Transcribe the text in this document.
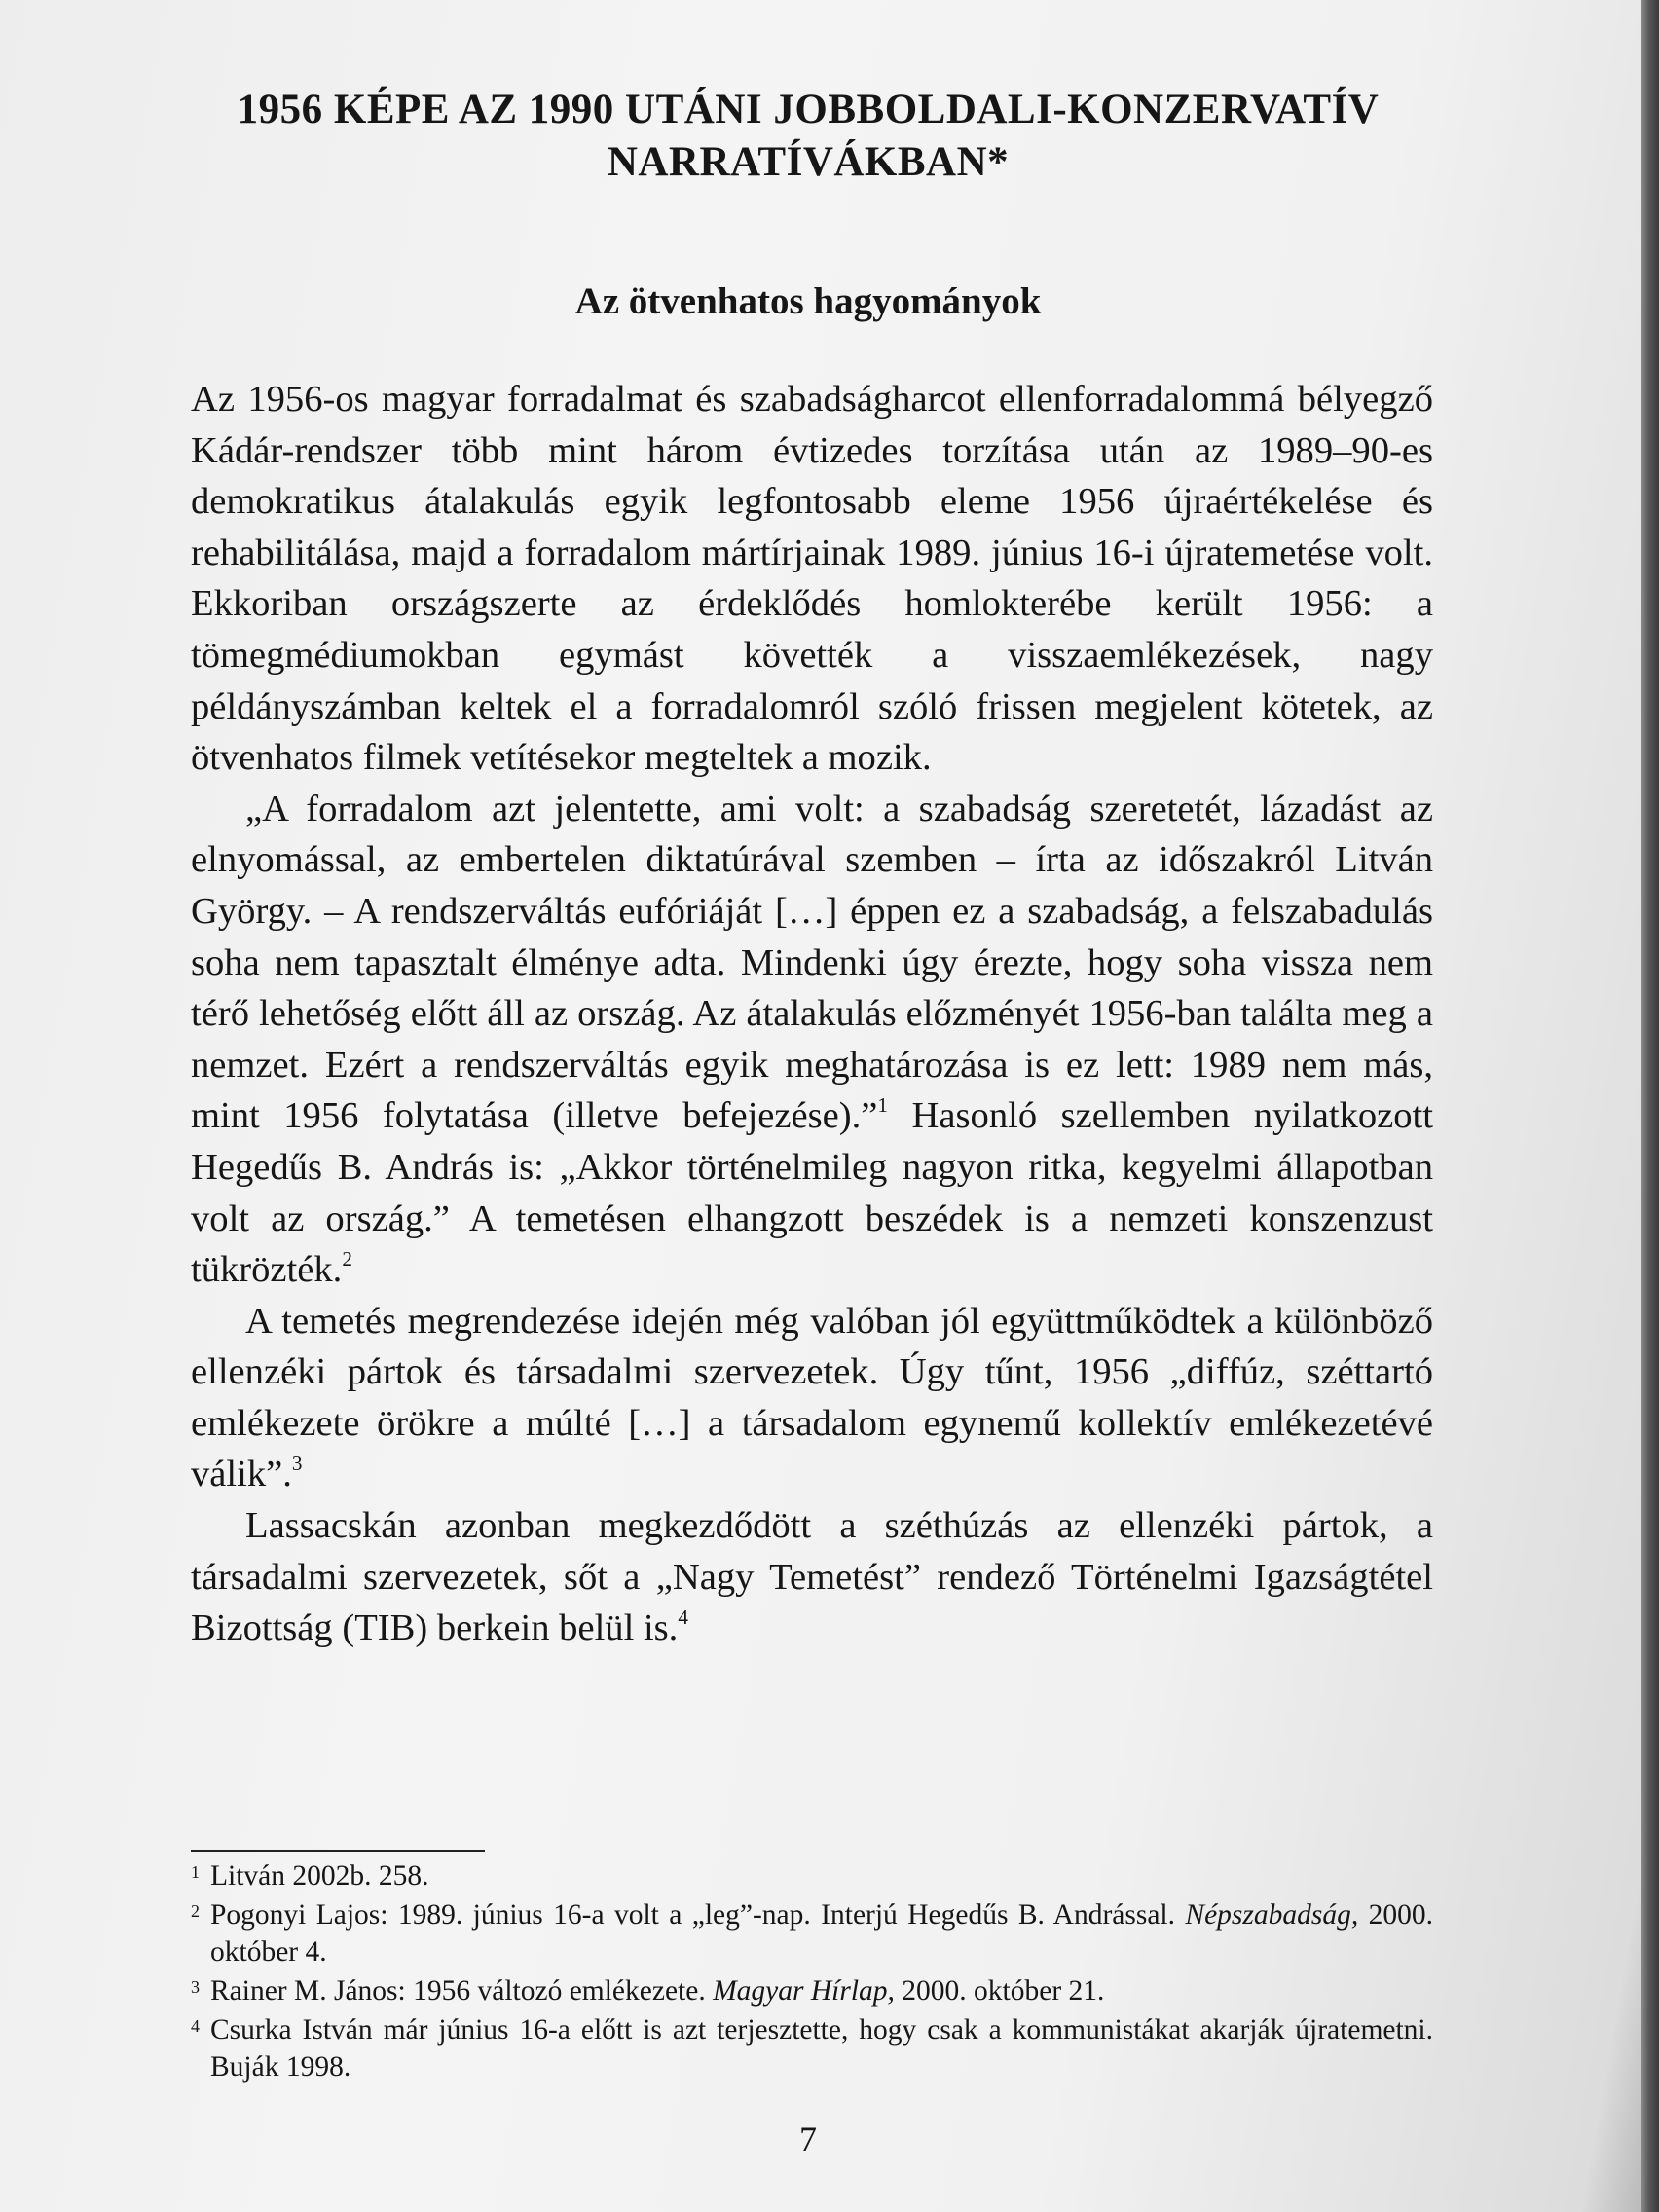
1956 KÉPE AZ 1990 UTÁNI JOBBOLDALI-KONZERVATÍV
NARRATÍVÁKBAN*
Az ötvenhatos hagyományok

Az 1956-os magyar forradalmat és szabadságharcot ellenforradalommá bélyegző Kádár-rendszer több mint három évtizedes torzítása után az 1989–90-es demokratikus átalakulás egyik legfontosabb eleme 1956 újraértékelése és rehabilitálása, majd a forradalom mártírjainak 1989. június 16-i újratemetése volt. Ekkoriban országszerte az érdeklődés homlokterébe került 1956: a tömegmédiumokban egymást követték a visszaemlékezések, nagy példányszámban keltek el a forradalomról szóló frissen megjelent kötetek, az ötvenhatos filmek vetítésekor megteltek a mozik.

„A forradalom azt jelentette, ami volt: a szabadság szeretetét, lázadást az elnyomással, az embertelen diktatúrával szemben – írta az időszakról Litván György. – A rendszerváltás eufóriáját […] éppen ez a szabadság, a felszabadulás soha nem tapasztalt élménye adta. Mindenki úgy érezte, hogy soha vissza nem térő lehetőség előtt áll az ország. Az átalakulás előzményét 1956-ban találta meg a nemzet. Ezért a rendszerváltás egyik meghatározása is ez lett: 1989 nem más, mint 1956 folytatása (illetve befejezése).”$^1$ Hasonló szellemben nyilatkozott Hegedűs B. András is: „Akkor történelmileg nagyon ritka, kegyelmi állapotban volt az ország.” A temetésen elhangzott beszédek is a nemzeti konszenzust tükrözték.$^2$

A temetés megrendezése idején még valóban jól együttműködtek a különböző ellenzéki pártok és társadalmi szervezetek. Úgy tűnt, 1956 „diffúz, széttartó emlékezete örökre a múlté […] a társadalom egynemű kollektív emlékezetévé válik”.$^3$

Lassacskán azonban megkezdődött a széthúzás az ellenzéki pártok, a társadalmi szervezetek, sőt a „Nagy Temetést” rendező Történelmi Igazságtétel Bizottság (TIB) berkein belül is.$^4$

1 Litván 2002b. 258.
2 Pogonyi Lajos: 1989. június 16-a volt a „leg”-nap. Interjú Hegedűs B. Andrással. Népszabadság, 2000. október 4.
3 Rainer M. János: 1956 változó emlékezete. Magyar Hírlap, 2000. október 21.
4 Csurka István már június 16-a előtt is azt terjesztette, hogy csak a kommunistákat akarják újratemetni. Buják 1998.
7
